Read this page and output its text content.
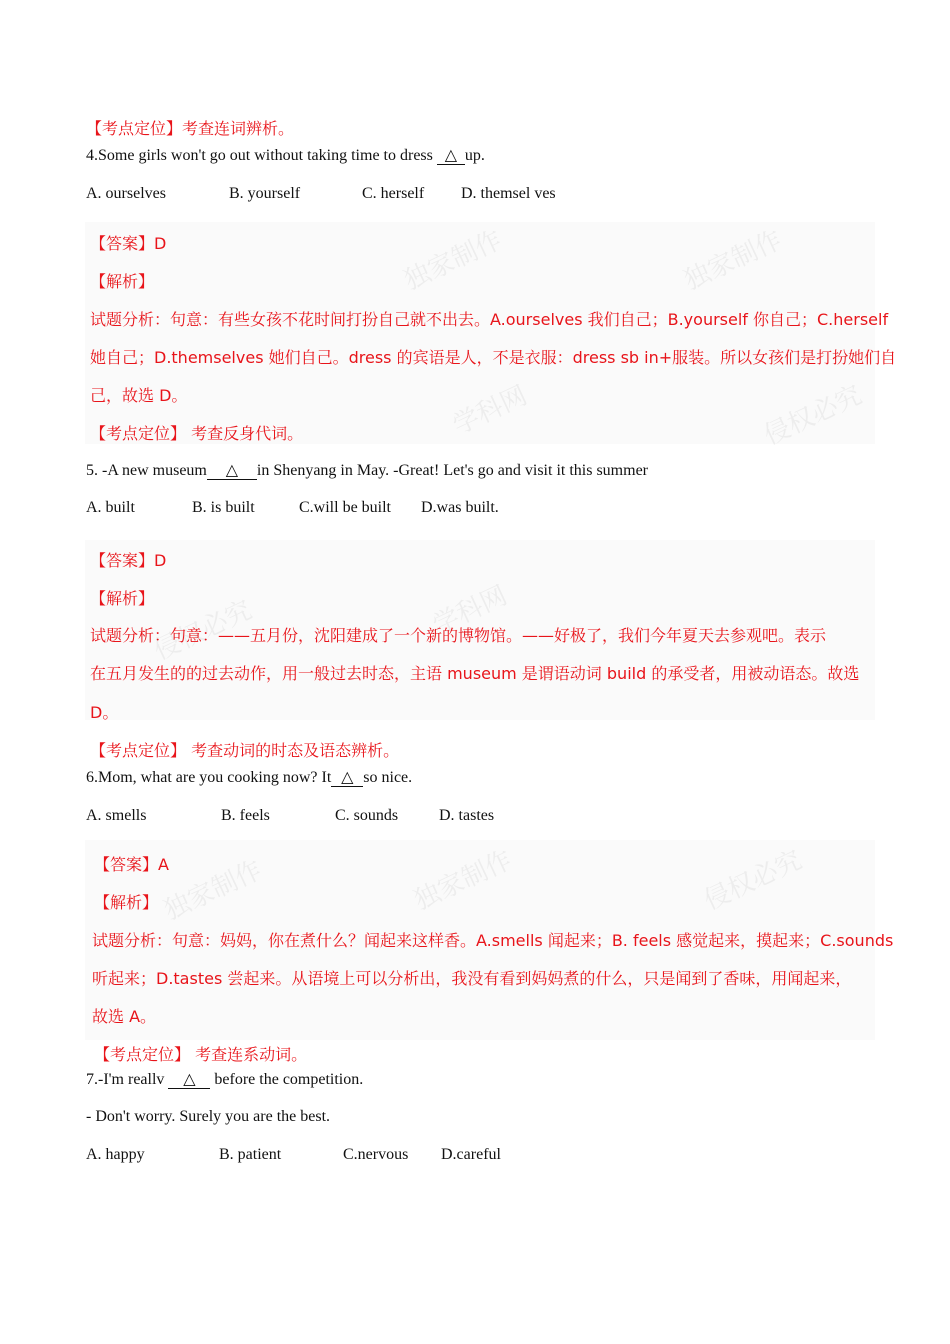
独家制作	独家制作
学科网	侵权必究
学科网
侵权必究
独家制作
独家制作	侵权必究
【考点定位】考查连词辨析。
4.Some girls won't go out without taking time to dress △ up.
A. ourselves	B. yourself	C. herself D. themsel ves
【答案】D
【解析】
试题分析：句意：有些女孩不花时间打扮自己就不出去。A.ourselves 我们自己；B.yourself 你自己；C.herself
她自己；D.themselves 她们自己。dress 的宾语是人，不是衣服：dress sb in+服装。所以女孩们是打扮她们自
己，故选 D。
【考点定位】 考查反身代词。
5. -A new museum △ in Shenyang in May. -Great! Let's go and visit it this summer
A. built	B. is built	C.will be built D.was built.
【答案】D
【解析】
试题分析：句意：——五月份，沈阳建成了一个新的博物馆。——好极了，我们今年夏天去参观吧。表示
在五月发生的的过去动作，用一般过去时态，主语 museum 是谓语动词 build 的承受者，用被动语态。故选
D。
【考点定位】 考查动词的时态及语态辨析。
6.Mom, what are you cooking now? It △ so nice.
A. smells	B. feels	C. sounds	D. tastes
【答案】A
【解析】
试题分析：句意：妈妈，你在煮什么？闻起来这样香。A.smells 闻起来；B. feels 感觉起来，摸起来；C.sounds
听起来；D.tastes 尝起来。从语境上可以分析出，我没有看到妈妈煮的什么，只是闻到了香味，用闻起来，
故选 A。
【考点定位】 考查连系动词。
7.-I'm reallv △ before the competition.
- Don't worry. Surely you are the best.
A. happy	B. patient	C.nervous D.careful
